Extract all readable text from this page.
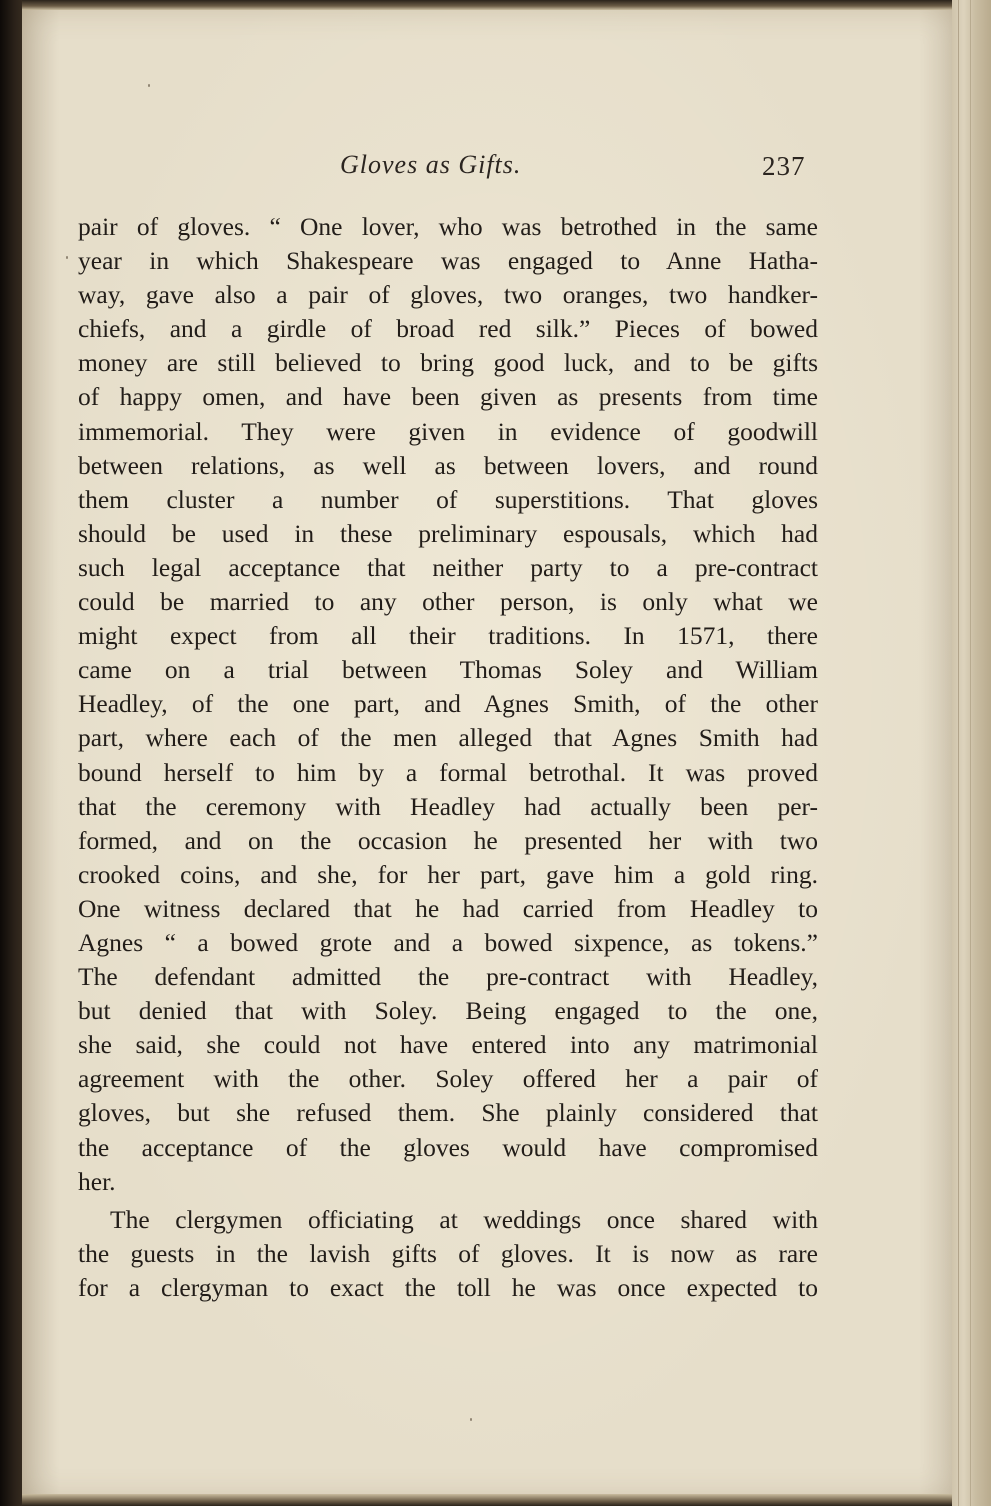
Gloves as Gifts.	237
pair of gloves. “ One lover, who was betrothed in the same
year in which Shakespeare was engaged to Anne Hatha-
way, gave also a pair of gloves, two oranges, two handker-
chiefs, and a girdle of broad red silk.” Pieces of bowed
money are still believed to bring good luck, and to be gifts
of happy omen, and have been given as presents from time
immemorial. They were given in evidence of goodwill
between relations, as well as between lovers, and round
them cluster a number of superstitions. That gloves
should be used in these preliminary espousals, which had
such legal acceptance that neither party to a pre-contract
could be married to any other person, is only what we
might expect from all their traditions. In 1571, there
came on a trial between Thomas Soley and William
Headley, of the one part, and Agnes Smith, of the other
part, where each of the men alleged that Agnes Smith had
bound herself to him by a formal betrothal. It was proved
that the ceremony with Headley had actually been per-
formed, and on the occasion he presented her with two
crooked coins, and she, for her part, gave him a gold ring.
One witness declared that he had carried from Headley to
Agnes “ a bowed grote and a bowed sixpence, as tokens.”
The defendant admitted the pre-contract with Headley,
but denied that with Soley. Being engaged to the one,
she said, she could not have entered into any matrimonial
agreement with the other. Soley offered her a pair of
gloves, but she refused them. She plainly considered that
the acceptance of the gloves would have compromised
her.
The clergymen officiating at weddings once shared with
the guests in the lavish gifts of gloves. It is now as rare
for a clergyman to exact the toll he was once expected to
